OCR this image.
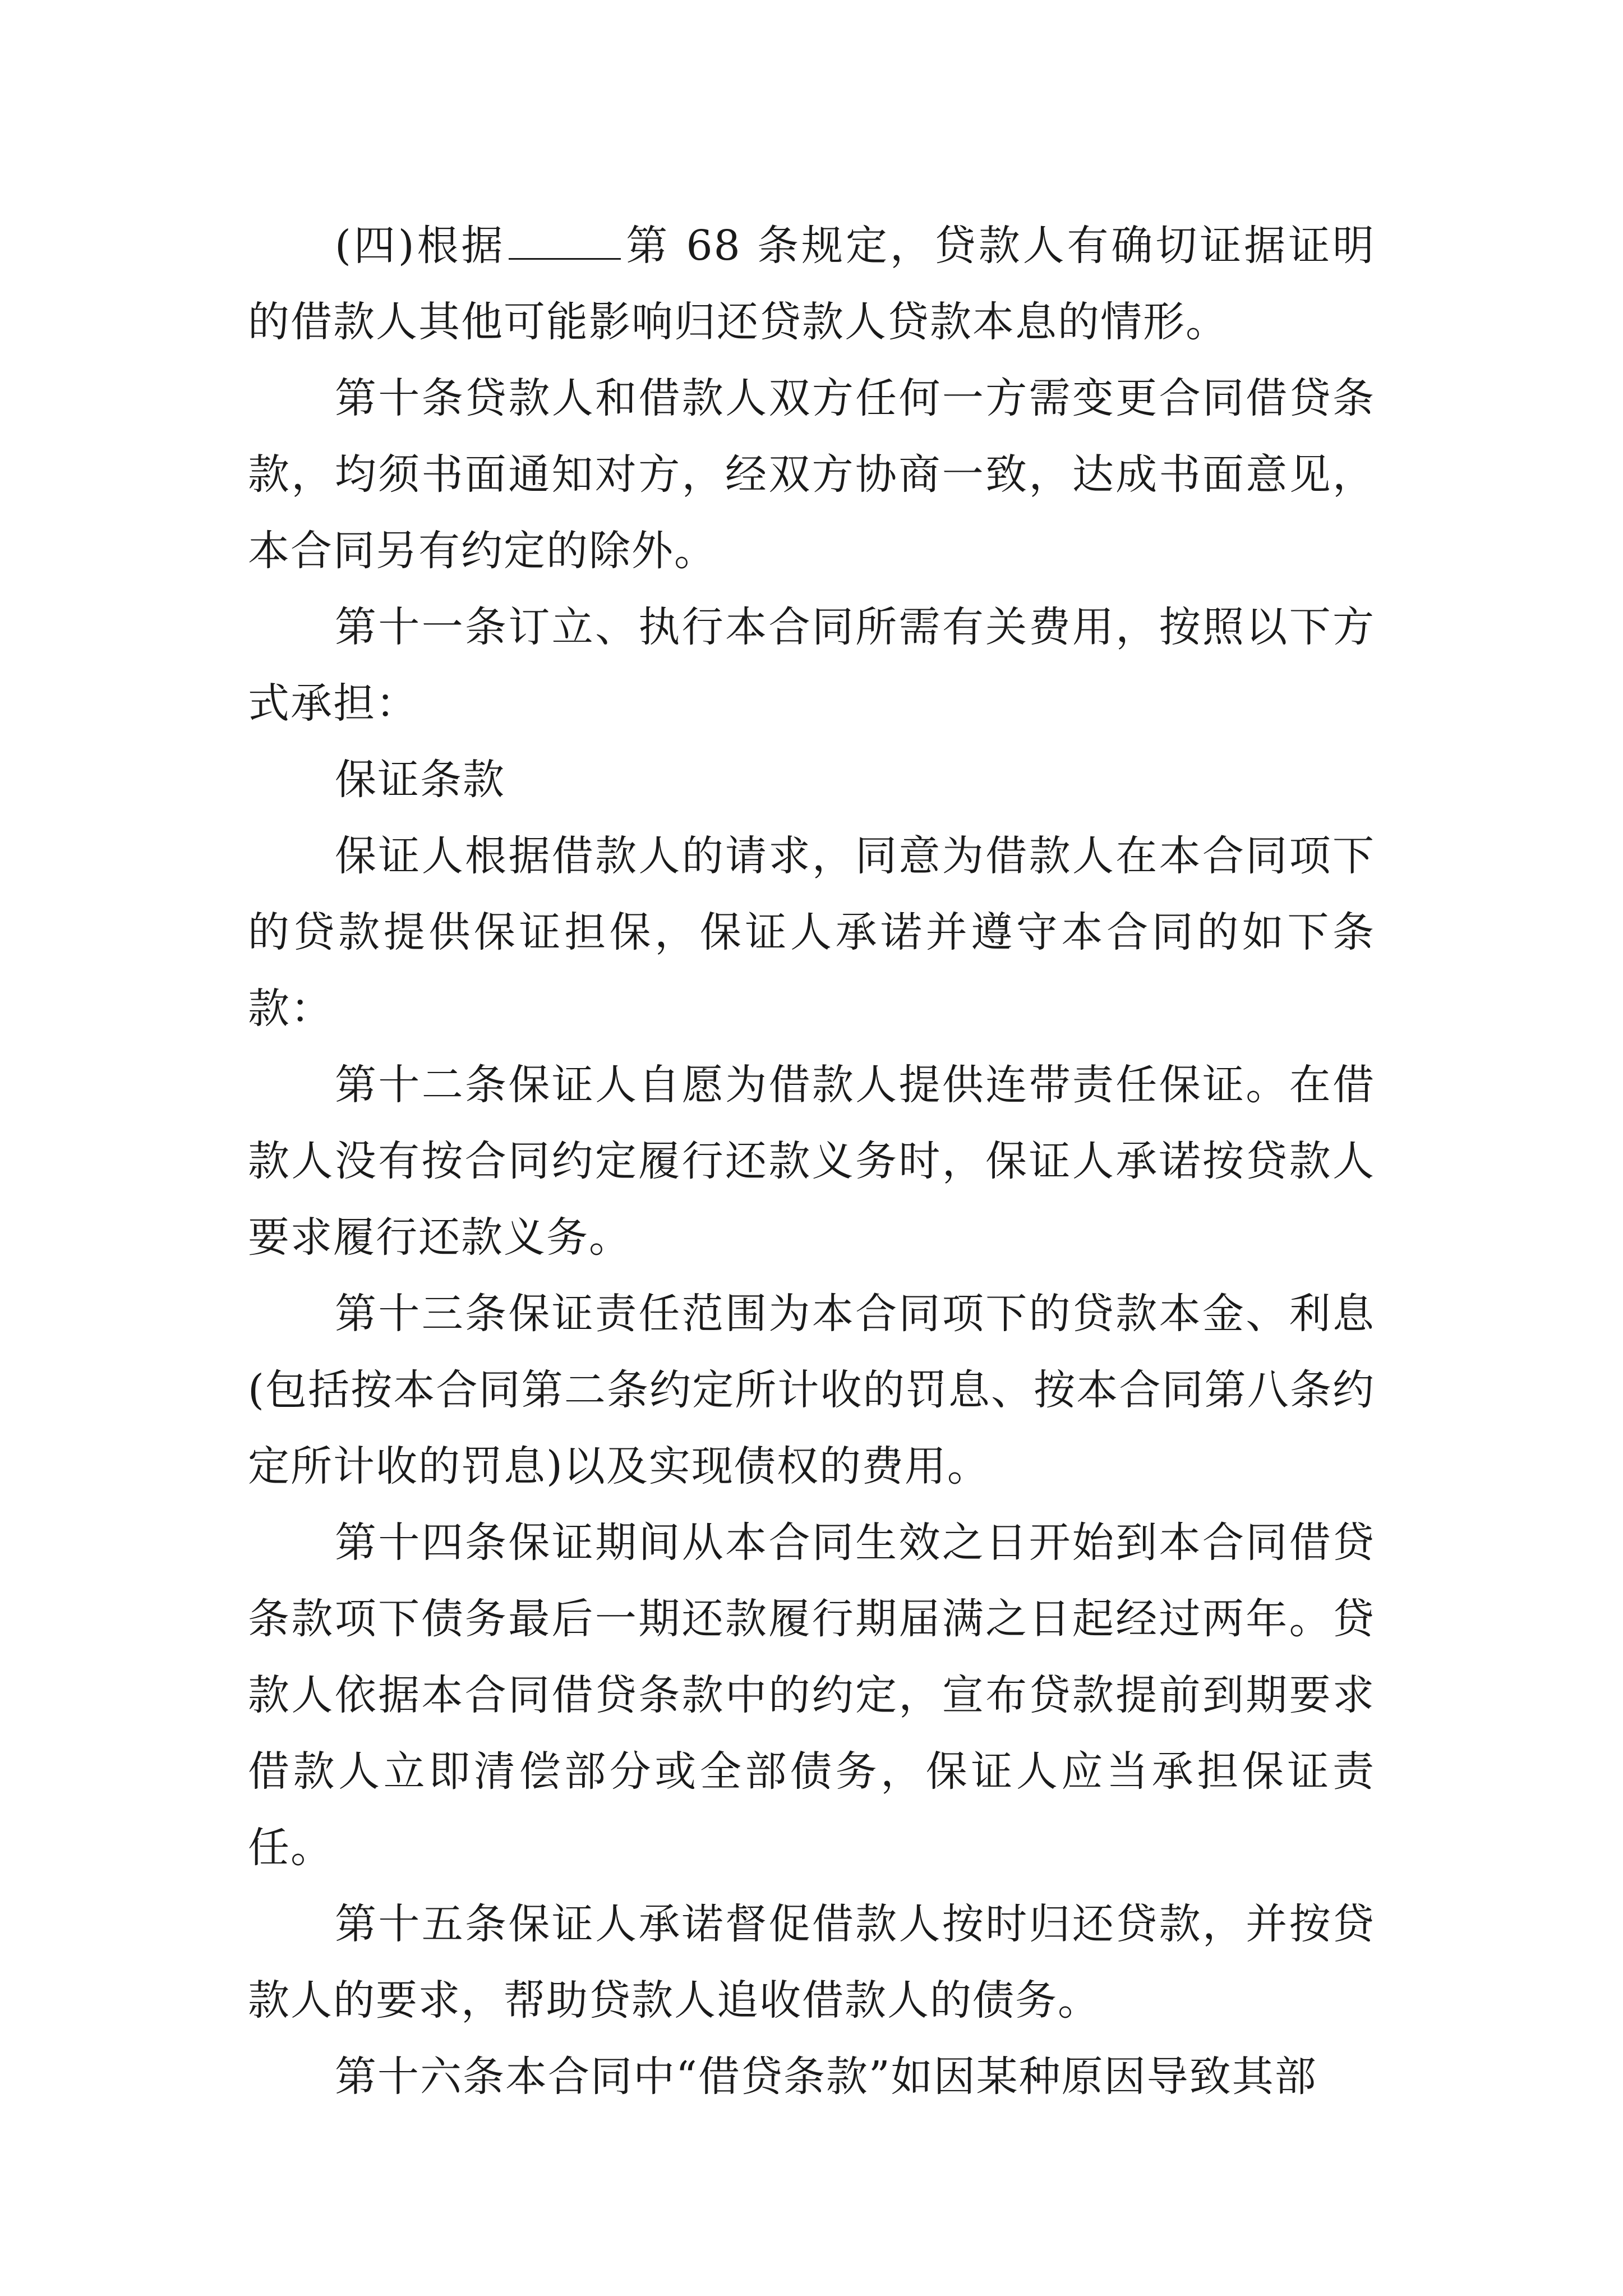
(四)根据	第 68 条规定，贷款人有确切证据证明的借款人其他可能影响归还贷款人贷款本息的情形。

第十条贷款人和借款人双方任何一方需变更合同借贷条款，均须书面通知对方，经双方协商一致，达成书面意见，本合同另有约定的除外。

第十一条订立、执行本合同所需有关费用，按照以下方式承担：

保证条款

保证人根据借款人的请求，同意为借款人在本合同项下的贷款提供保证担保，保证人承诺并遵守本合同的如下条款：

第十二条保证人自愿为借款人提供连带责任保证。在借款人没有按合同约定履行还款义务时，保证人承诺按贷款人要求履行还款义务。

第十三条保证责任范围为本合同项下的贷款本金、利息(包括按本合同第二条约定所计收的罚息、按本合同第八条约定所计收的罚息)以及实现债权的费用。

第十四条保证期间从本合同生效之日开始到本合同借贷条款项下债务最后一期还款履行期届满之日起经过两年。贷款人依据本合同借贷条款中的约定，宣布贷款提前到期要求借款人立即清偿部分或全部债务，保证人应当承担保证责任。

第十五条保证人承诺督促借款人按时归还贷款，并按贷款人的要求，帮助贷款人追收借款人的债务。

第十六条本合同中“借贷条款”如因某种原因导致其部
